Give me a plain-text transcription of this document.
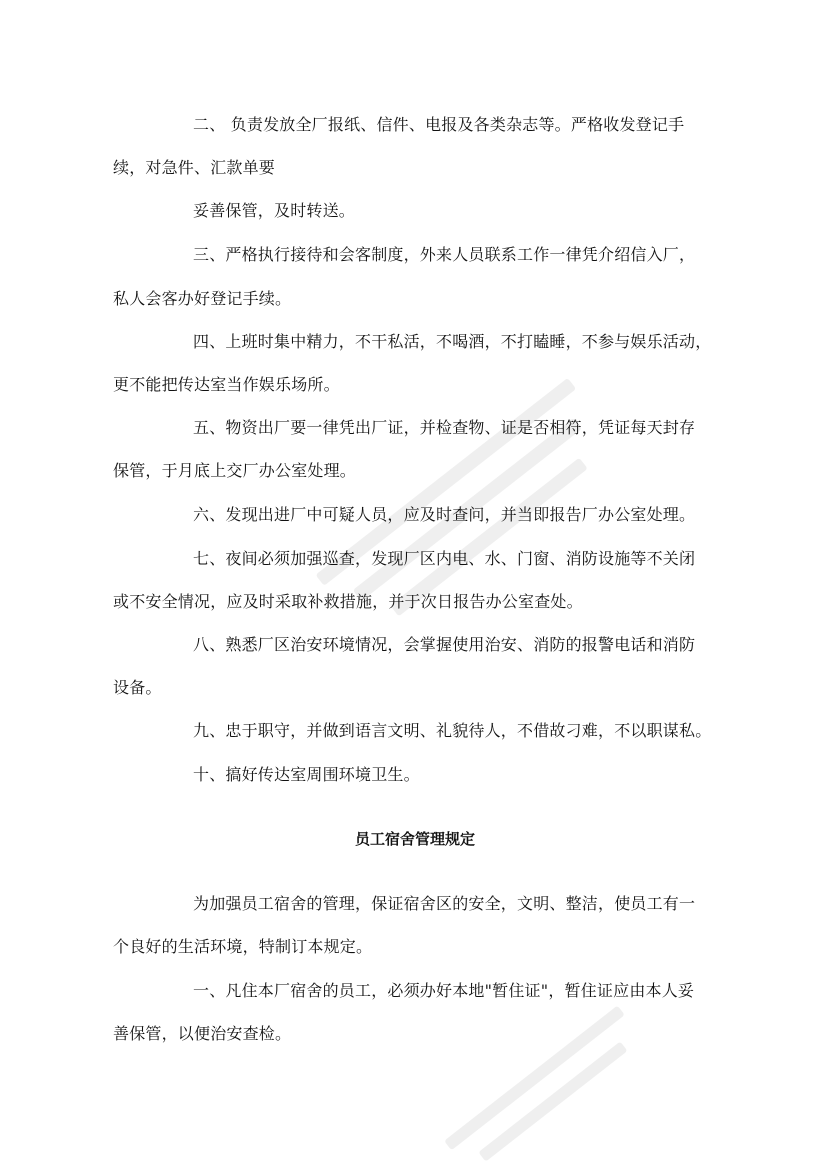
二、 负责发放全厂报纸、信件、电报及各类杂志等。严格收发登记手
续，对急件、汇款单要
妥善保管，及时转送。
三、严格执行接待和会客制度，外来人员联系工作一律凭介绍信入厂，
私人会客办好登记手续。
四、上班时集中精力，不干私活，不喝酒，不打瞌睡，不参与娱乐活动，
更不能把传达室当作娱乐场所。
五、物资出厂要一律凭出厂证，并检查物、证是否相符，凭证每天封存
保管，于月底上交厂办公室处理。
六、发现出进厂中可疑人员，应及时查问，并当即报告厂办公室处理。
七、夜间必须加强巡查，发现厂区内电、水、门窗、消防设施等不关闭
或不安全情况，应及时采取补救措施，并于次日报告办公室查处。
八、熟悉厂区治安环境情况，会掌握使用治安、消防的报警电话和消防
设备。
九、忠于职守，并做到语言文明、礼貌待人，不借故刁难，不以职谋私。
十、搞好传达室周围环境卫生。
员工宿舍管理规定
为加强员工宿舍的管理，保证宿舍区的安全，文明、整洁，使员工有一
个良好的生活环境，特制订本规定。
一、凡住本厂宿舍的员工，必须办好本地"暂住证"，暂住证应由本人妥
善保管，以便治安查检。
